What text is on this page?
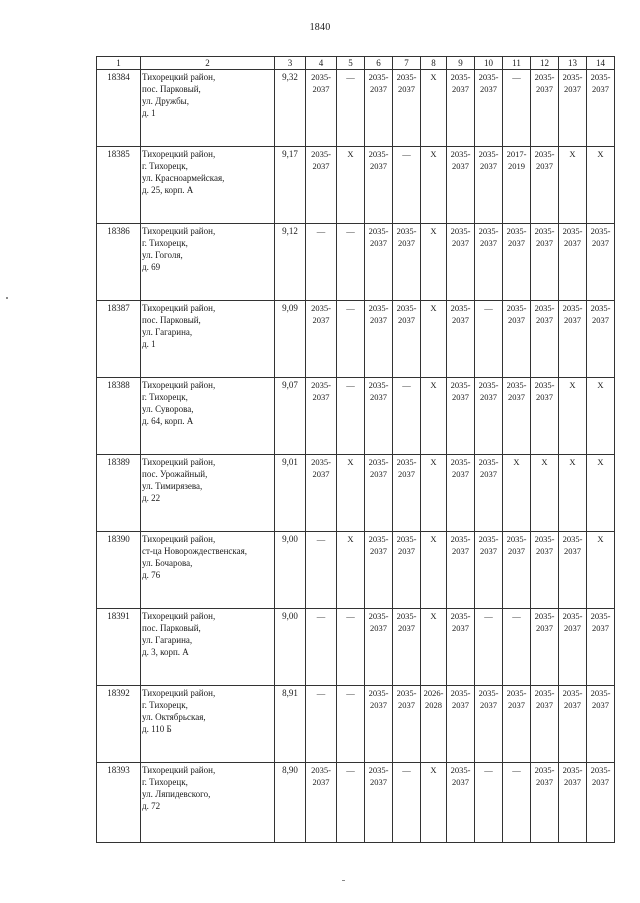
1840
1	2	3	4	5	6	7	8	9	10	11	12	13	14
18384	Тихорецкий район,
пос. Парковый,
ул. Дружбы,
д. 1	9,32	2035-
2037	—	2035-
2037	2035-
2037	X	2035-
2037	2035-
2037	—	2035-
2037	2035-
2037	2035-
2037

18385	Тихорецкий район,
г. Тихорецк,
ул. Красноармейская,
д. 25, корп. А	9,17	2035-
2037	X	2035-
2037	—	X	2035-
2037	2035-
2037	2017-
2019	2035-
2037	X	X
18386	Тихорецкий район,
г. Тихорецк,
ул. Гоголя,
д. 69	9,12	—	—	2035-
2037	2035-
2037	X	2035-
2037	2035-
2037	2035-
2037	2035-
2037	2035-
2037	2035-
2037

18387	Тихорецкий район,
пос. Парковый,
ул. Гагарина,
д. 1	9,09	2035-
2037	—	2035-
2037	2035-
2037	X	2035-
2037	—	2035-
2037	2035-
2037	2035-
2037	2035-
2037

18388	Тихорецкий район,
г. Тихорецк,
ул. Суворова,
д. 64, корп. А	9,07	2035-
2037	—	2035-
2037	—	X	2035-
2037	2035-
2037	2035-
2037	2035-
2037	X	X
18389	Тихорецкий район,
пос. Урожайный,
ул. Тимирязева,
д. 22	9,01	2035-
2037	X	2035-
2037	2035-
2037	X	2035-
2037	2035-
2037	X	X	X	X
18390	Тихорецкий район,
ст-ца Новорождественская,
ул. Бочарова,
д. 76	9,00	—	X	2035-
2037	2035-
2037	X	2035-
2037	2035-
2037	2035-
2037	2035-
2037	2035-
2037	X
18391	Тихорецкий район,
пос. Парковый,
ул. Гагарина,
д. 3, корп. А	9,00	—	—	2035-
2037	2035-
2037	X	2035-
2037	—	—	2035-
2037	2035-
2037	2035-
2037

18392	Тихорецкий район,
г. Тихорецк,
ул. Октябрьская,
д. 110 Б	8,91	—	—	2035-
2037	2035-
2037	2026-
2028	2035-
2037	2035-
2037	2035-
2037	2035-
2037	2035-
2037	2035-
2037

18393	Тихорецкий район,
г. Тихорецк,
ул. Ляпидевского,
д. 72	8,90	2035-
2037	—	2035-
2037	—	X	2035-
2037	—	—	2035-
2037	2035-
2037	2035-
2037
